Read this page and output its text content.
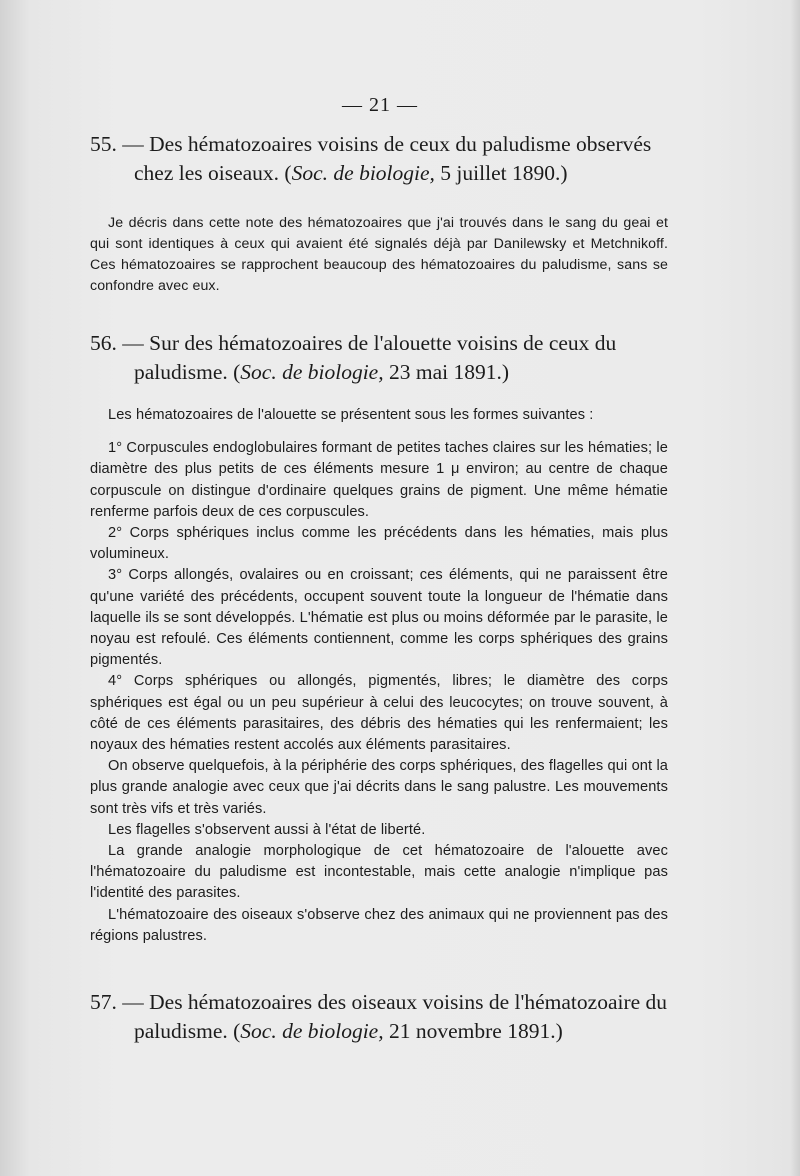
— 21 —
55. — Des hématozoaires voisins de ceux du paludisme observés
chez les oiseaux. (Soc. de biologie, 5 juillet 1890.)

Je décris dans cette note des hématozoaires que j'ai trouvés dans le sang du geai et qui sont identiques à ceux qui avaient été signalés déjà par Danilewsky et Metchnikoff. Ces hématozoaires se rapprochent beaucoup des hématozoaires du paludisme, sans se confondre avec eux.

56. — Sur des hématozoaires de l'alouette voisins de ceux du
paludisme. (Soc. de biologie, 23 mai 1891.)

Les hématozoaires de l'alouette se présentent sous les formes suivantes :

1° Corpuscules endoglobulaires formant de petites taches claires sur les hématies; le diamètre des plus petits de ces éléments mesure 1 μ environ; au centre de chaque corpuscule on distingue d'ordinaire quelques grains de pigment. Une même hématie renferme parfois deux de ces corpuscules.

2° Corps sphériques inclus comme les précédents dans les hématies, mais plus volumineux.

3° Corps allongés, ovalaires ou en croissant; ces éléments, qui ne paraissent être qu'une variété des précédents, occupent souvent toute la longueur de l'hématie dans laquelle ils se sont développés. L'hématie est plus ou moins déformée par le parasite, le noyau est refoulé. Ces éléments contiennent, comme les corps sphériques des grains pigmentés.

4° Corps sphériques ou allongés, pigmentés, libres; le diamètre des corps sphériques est égal ou un peu supérieur à celui des leucocytes; on trouve souvent, à côté de ces éléments parasitaires, des débris des hématies qui les renfermaient; les noyaux des hématies restent accolés aux éléments parasitaires.

On observe quelquefois, à la périphérie des corps sphériques, des flagelles qui ont la plus grande analogie avec ceux que j'ai décrits dans le sang palustre. Les mouvements sont très vifs et très variés.

Les flagelles s'observent aussi à l'état de liberté.

La grande analogie morphologique de cet hématozoaire de l'alouette avec l'hématozoaire du paludisme est incontestable, mais cette analogie n'implique pas l'identité des parasites.

L'hématozoaire des oiseaux s'observe chez des animaux qui ne proviennent pas des régions palustres.

57. — Des hématozoaires des oiseaux voisins de l'hématozoaire du
paludisme. (Soc. de biologie, 21 novembre 1891.)
